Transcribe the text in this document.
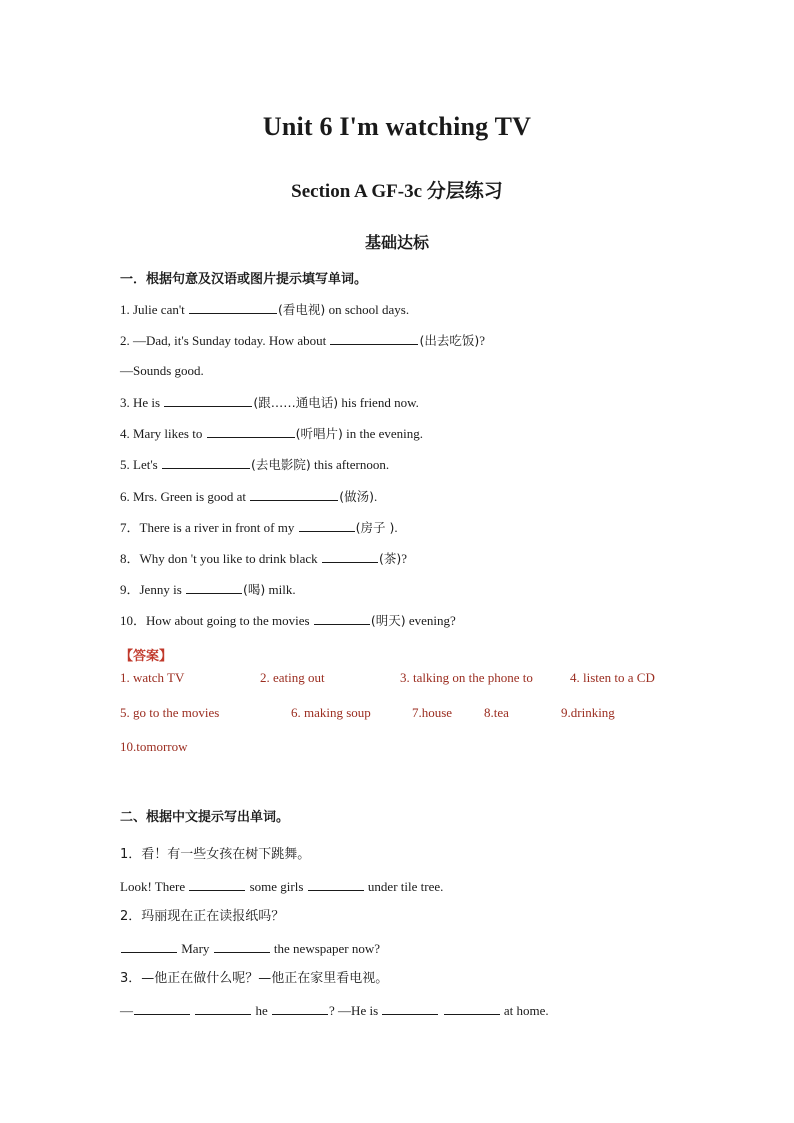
Unit 6 I'm watching TV
Section A GF-3c 分层练习
基础达标
一．根据句意及汉语或图片提示填写单词。
1. Julie can't	(看电视) on school days.
2. —Dad, it's Sunday today. How about	(出去吃饭)?
—Sounds good.
3. He is	(跟……通电话) his friend now.
4. Mary likes to	(听唱片) in the evening.
5. Let's	(去电影院) this afternoon.
6. Mrs. Green is good at	(做汤).
7．There is a river in front of my	(房子 ).
8．Why don 't you like to drink black	(茶)?
9．Jenny is	(喝) milk.
10．How about going to the movies	(明天) evening?
【答案】
1. watch TV	2. eating out	3. talking on the phone to	4. listen to a CD
5. go to the movies	6. making soup	7.house 8.tea	9.drinking
10.tomorrow
二、根据中文提示写出单词。
1．看！有一些女孩在树下跳舞。
Look! There	some girls	under tile tree.
2．玛丽现在正在读报纸吗？
Mary	the newspaper now?
3．—他正在做什么呢？—他正在家里看电视。
—	he	? —He is	at home.
